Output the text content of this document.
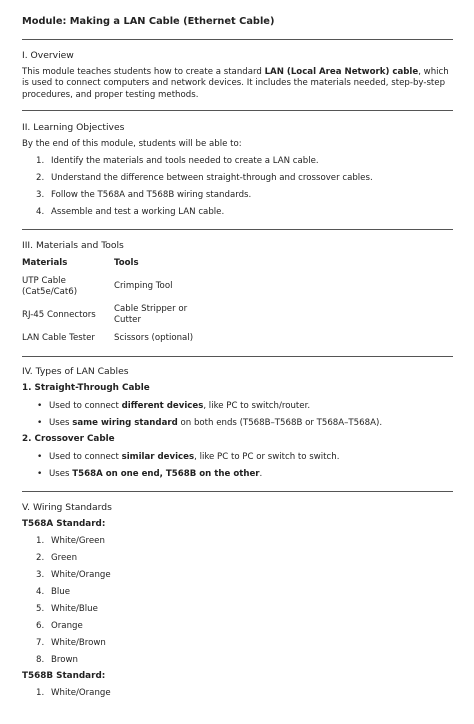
Module: Making a LAN Cable (Ethernet Cable)
I. Overview
This module teaches students how to create a standard LAN (Local Area Network) cable, which is used to connect computers and network devices. It includes the materials needed, step-by-step procedures, and proper testing methods.
II. Learning Objectives
By the end of this module, students will be able to:
1. Identify the materials and tools needed to create a LAN cable.
2. Understand the difference between straight-through and crossover cables.
3. Follow the T568A and T568B wiring standards.
4. Assemble and test a working LAN cable.
III. Materials and Tools
Materials	Tools
UTP Cable (Cat5e/Cat6)
Crimping Tool
RJ-45 Connectors
Cable Stripper or Cutter
LAN Cable Tester Scissors (optional)
IV. Types of LAN Cables
1. Straight-Through Cable
• Used to connect different devices, like PC to switch/router.
• Uses same wiring standard on both ends (T568B–T568B or T568A–T568A).
2. Crossover Cable
• Used to connect similar devices, like PC to PC or switch to switch.
• Uses T568A on one end, T568B on the other.
V. Wiring Standards
T568A Standard:
1. White/Green
2. Green
3. White/Orange
4. Blue
5. White/Blue
6. Orange
7. White/Brown
8. Brown
T568B Standard:
1. White/Orange
